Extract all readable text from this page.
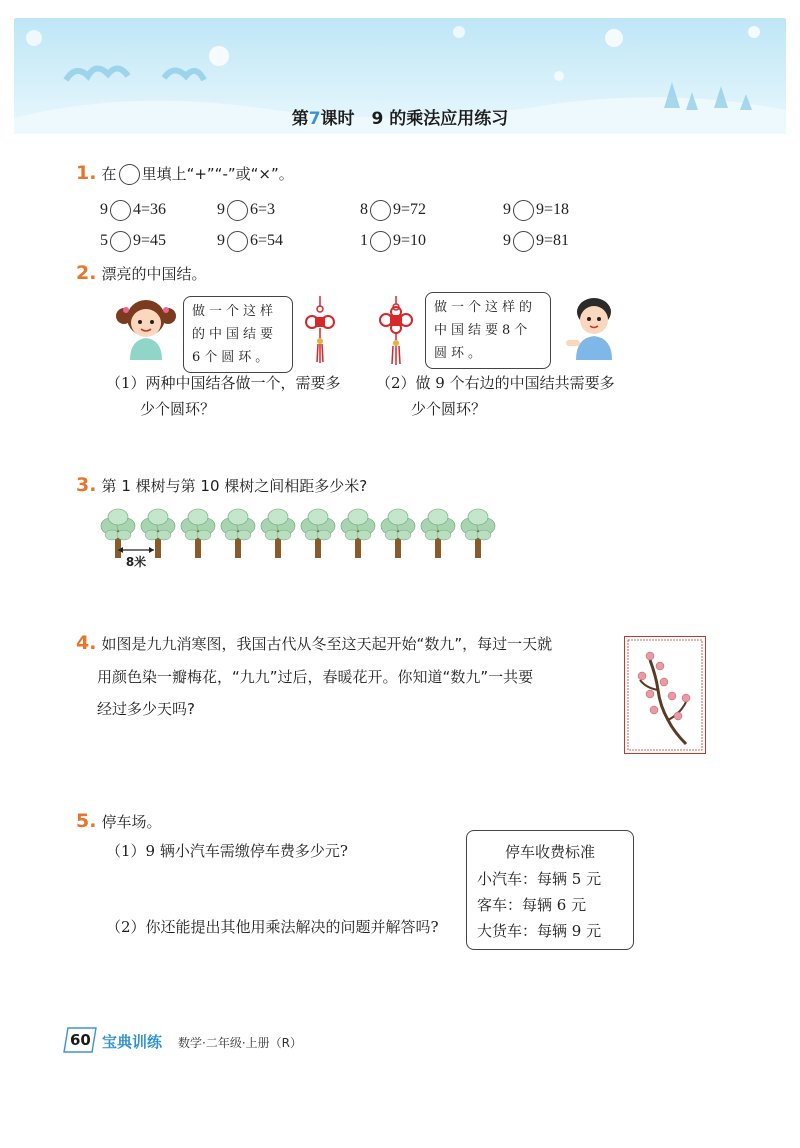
第7课时　9 的乘法应用练习
1. 在 里填上“+”“-”或“×”。
9 4=36	9 6=3	8 9=72	9 9=18
5 9=45	9 6=54	1 9=10	9 9=81
2. 漂亮的中国结。
做一个这样
的中国结要
6个圆环。
做一个这样的
中国结要8个
圆环。
（1）两种中国结各做一个，需要多
少个圆环？
（2）做 9 个右边的中国结共需要多
少个圆环？
3. 第 1 棵树与第 10 棵树之间相距多少米?
8米
4. 如图是九九消寒图，我国古代从冬至这天起开始“数九”，每过一天就
用颜色染一瓣梅花，“九九”过后，春暖花开。你知道“数九”一共要
经过多少天吗?
5. 停车场。
（1）9 辆小汽车需缴停车费多少元?
（2）你还能提出其他用乘法解决的问题并解答吗?
停车收费标准
小汽车：每辆 5 元
客车：每辆 6 元
大货车：每辆 9 元
60 宝典训练 数学·二年级·上册（R）
